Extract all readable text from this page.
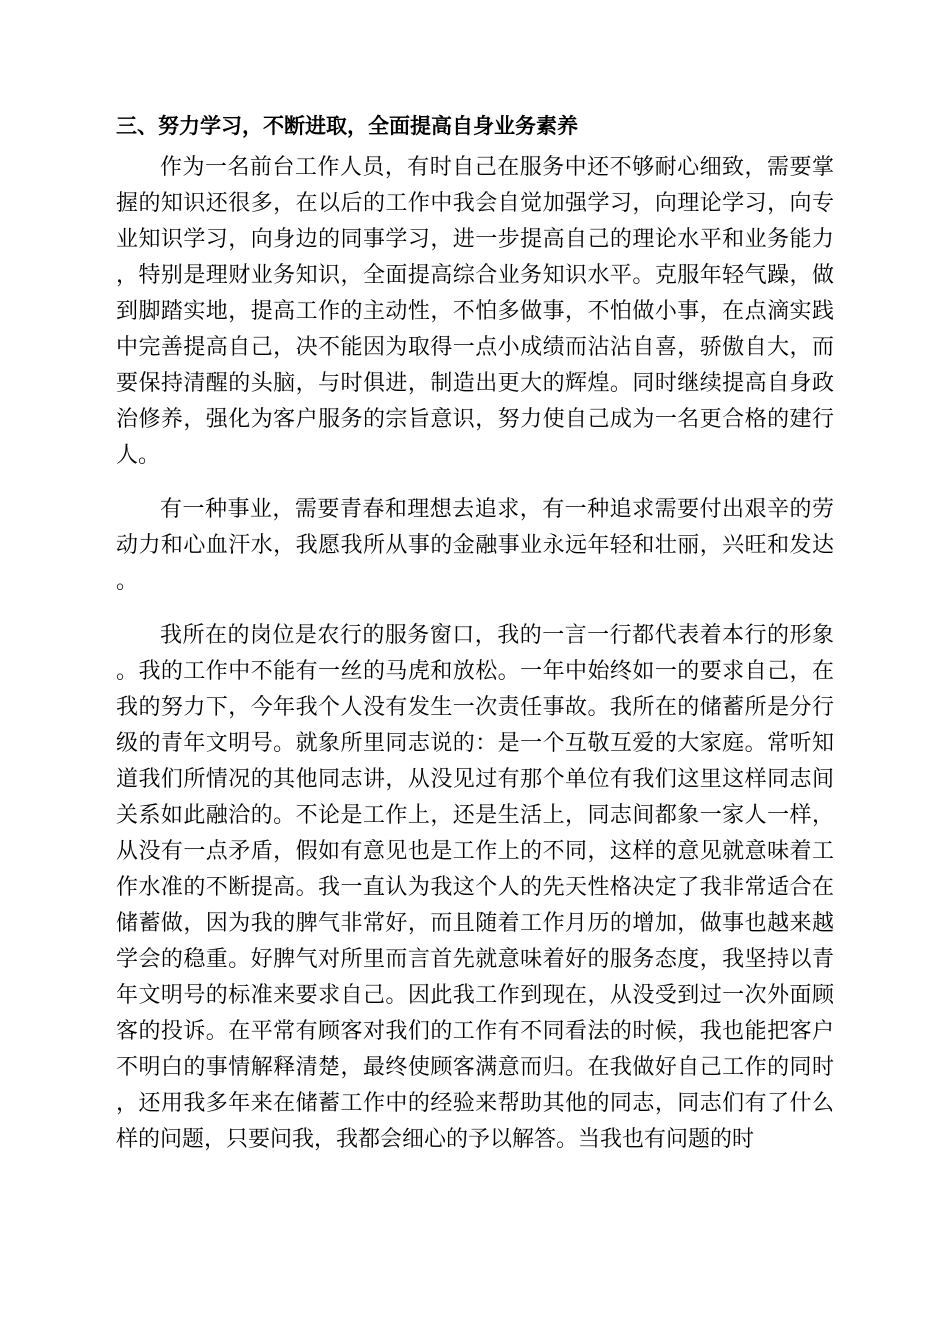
三、努力学习，不断进取，全面提高自身业务素养

作为一名前台工作人员，有时自己在服务中还不够耐心细致，需要掌握的知识还很多，在以后的工作中我会自觉加强学习，向理论学习，向专业知识学习，向身边的同事学习，进一步提高自己的理论水平和业务能力，特别是理财业务知识，全面提高综合业务知识水平。克服年轻气躁，做到脚踏实地，提高工作的主动性，不怕多做事，不怕做小事，在点滴实践中完善提高自己，决不能因为取得一点小成绩而沾沾自喜，骄傲自大，而要保持清醒的头脑，与时俱进，制造出更大的辉煌。同时继续提高自身政治修养，强化为客户服务的宗旨意识，努力使自己成为一名更合格的建行人。

有一种事业，需要青春和理想去追求，有一种追求需要付出艰辛的劳动力和心血汗水，我愿我所从事的金融事业永远年轻和壮丽，兴旺和发达。

我所在的岗位是农行的服务窗口，我的一言一行都代表着本行的形象。我的工作中不能有一丝的马虎和放松。一年中始终如一的要求自己，在我的努力下，今年我个人没有发生一次责任事故。我所在的储蓄所是分行级的青年文明号。就象所里同志说的：是一个互敬互爱的大家庭。常听知道我们所情况的其他同志讲，从没见过有那个单位有我们这里这样同志间关系如此融洽的。不论是工作上，还是生活上，同志间都象一家人一样，从没有一点矛盾，假如有意见也是工作上的不同，这样的意见就意味着工作水准的不断提高。我一直认为我这个人的先天性格决定了我非常适合在储蓄做，因为我的脾气非常好，而且随着工作月历的增加，做事也越来越学会的稳重。好脾气对所里而言首先就意味着好的服务态度，我坚持以青年文明号的标准来要求自己。因此我工作到现在，从没受到过一次外面顾客的投诉。在平常有顾客对我们的工作有不同看法的时候，我也能把客户不明白的事情解释清楚，最终使顾客满意而归。在我做好自己工作的同时，还用我多年来在储蓄工作中的经验来帮助其他的同志，同志们有了什么样的问题，只要问我，我都会细心的予以解答。当我也有问题的时
